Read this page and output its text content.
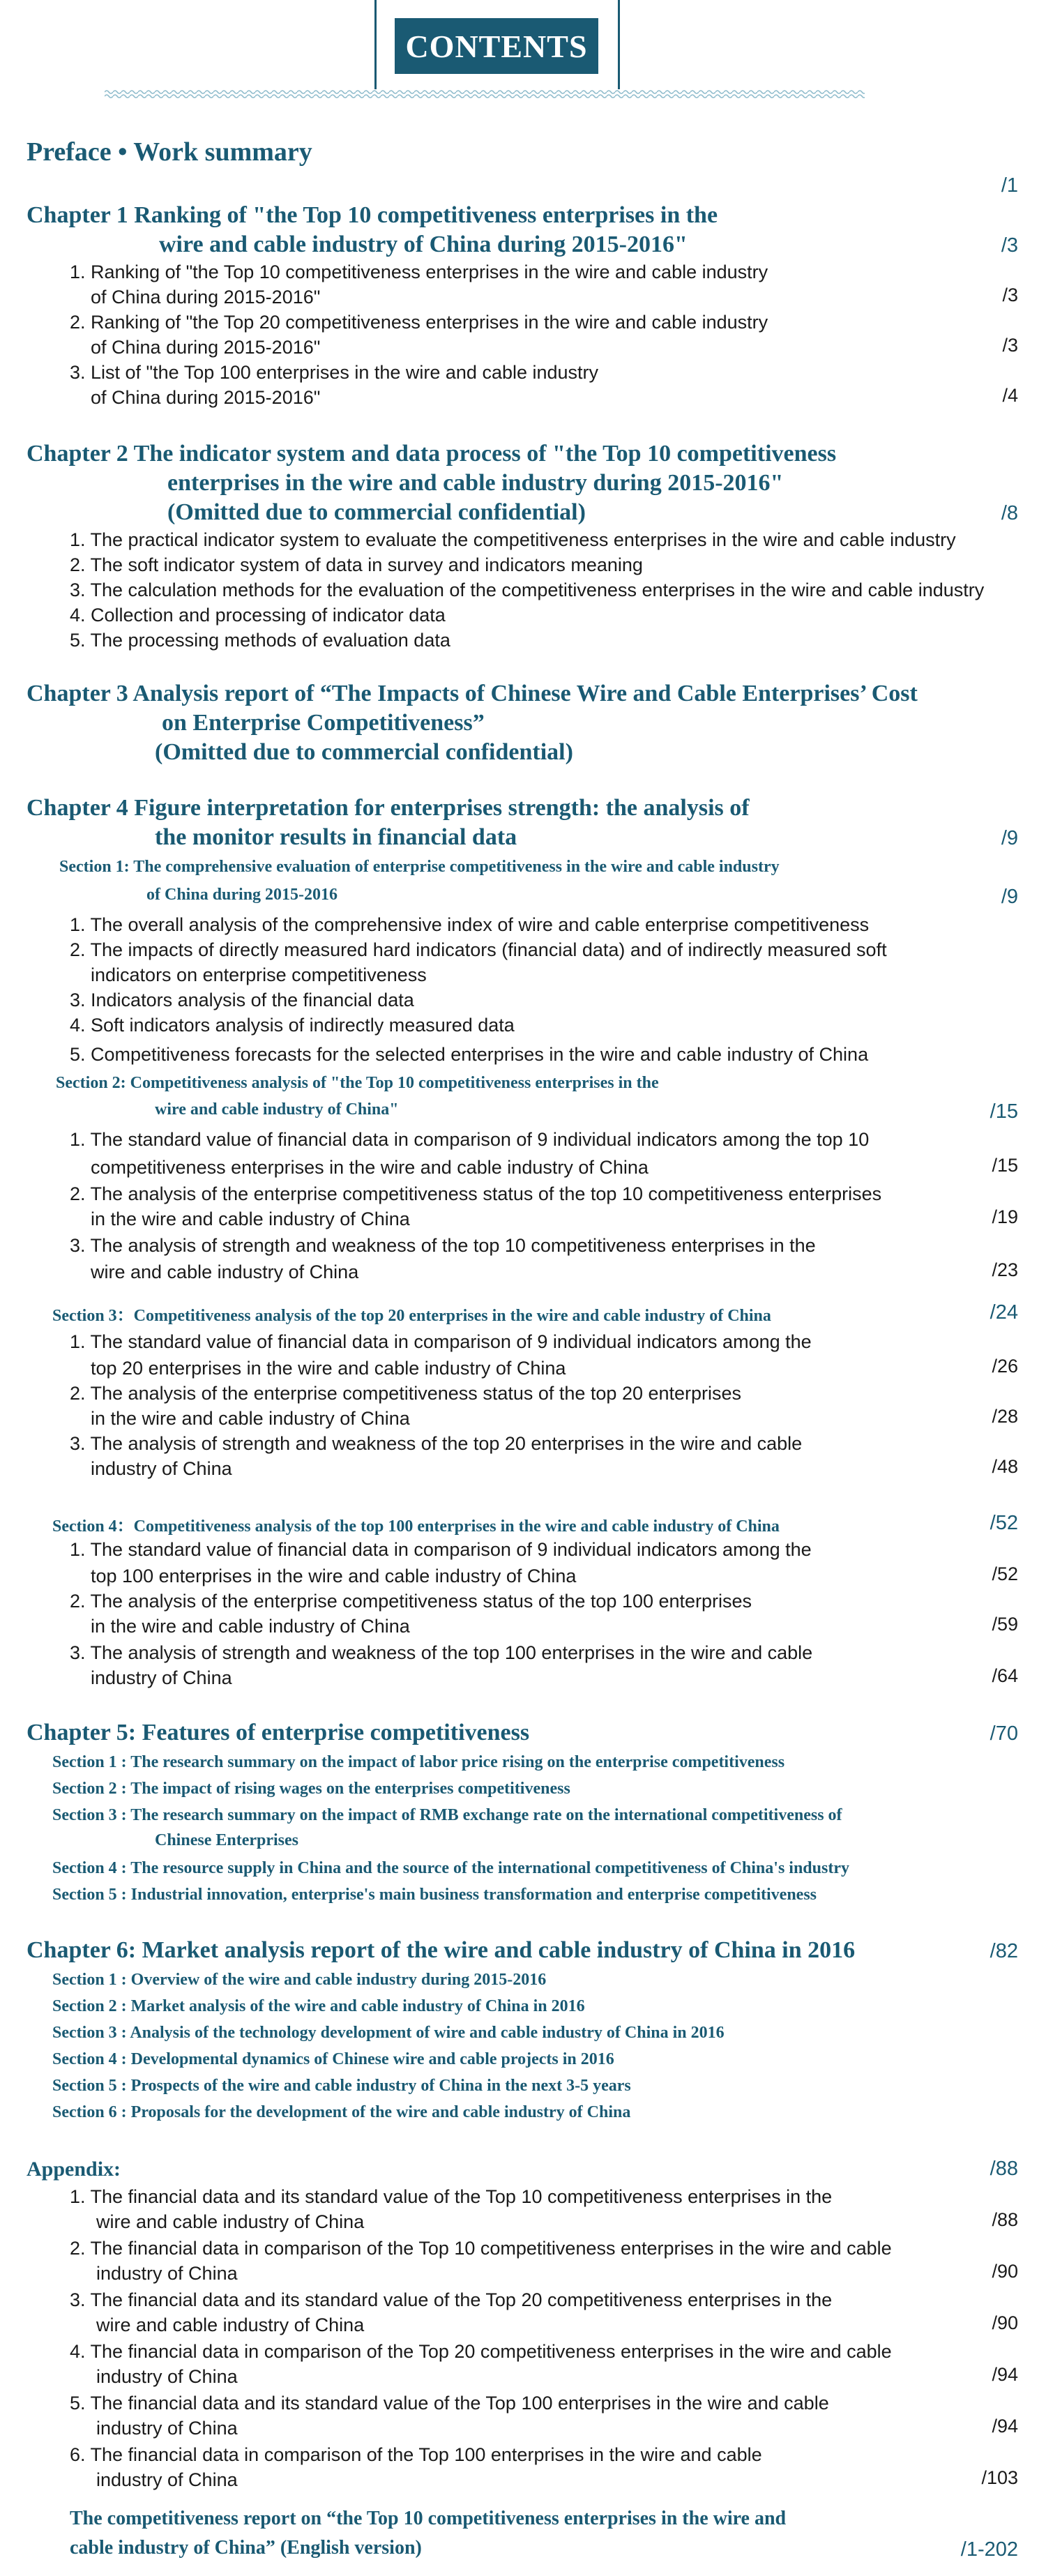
CONTENTS
Preface • Work summary
/1
Chapter 1 Ranking of "the Top 10 competitiveness enterprises in the
wire and cable industry of China during 2015-2016"	/3
1. Ranking of "the Top 10 competitiveness enterprises in the wire and cable industry
of China during 2015-2016"	/3
2. Ranking of "the Top 20 competitiveness enterprises in the wire and cable industry
of China during 2015-2016"	/3
3. List of "the Top 100 enterprises in the wire and cable industry
of China during 2015-2016"	/4
Chapter 2 The indicator system and data process of "the Top 10 competitiveness
enterprises in the wire and cable industry during 2015-2016"
(Omitted due to commercial confidential)	/8
1. The practical indicator system to evaluate the competitiveness enterprises in the wire and cable industry
2. The soft indicator system of data in survey and indicators meaning
3. The calculation methods for the evaluation of the competitiveness enterprises in the wire and cable industry
4. Collection and processing of indicator data
5. The processing methods of evaluation data
Chapter 3 Analysis report of “The Impacts of Chinese Wire and Cable Enterprises’ Cost
on Enterprise Competitiveness”
(Omitted due to commercial confidential)
Chapter 4 Figure interpretation for enterprises strength: the analysis of
the monitor results in financial data	/9
Section 1: The comprehensive evaluation of enterprise competitiveness in the wire and cable industry
of China during 2015-2016	/9
1. The overall analysis of the comprehensive index of wire and cable enterprise competitiveness
2. The impacts of directly measured hard indicators (financial data) and of indirectly measured soft
indicators on enterprise competitiveness
3. Indicators analysis of the financial data
4. Soft indicators analysis of indirectly measured data
5. Competitiveness forecasts for the selected enterprises in the wire and cable industry of China
Section 2: Competitiveness analysis of "the Top 10 competitiveness enterprises in the
wire and cable industry of China"	/15
1. The standard value of financial data in comparison of 9 individual indicators among the top 10
competitiveness enterprises in the wire and cable industry of China	/15
2. The analysis of the enterprise competitiveness status of the top 10 competitiveness enterprises
in the wire and cable industry of China	/19
3. The analysis of strength and weakness of the top 10 competitiveness enterprises in the
wire and cable industry of China	/23
Section 3：Competitiveness analysis of the top 20 enterprises in the wire and cable industry of China	/24
1. The standard value of financial data in comparison of 9 individual indicators among the
top 20 enterprises in the wire and cable industry of China	/26
2. The analysis of the enterprise competitiveness status of the top 20 enterprises
in the wire and cable industry of China	/28
3. The analysis of strength and weakness of the top 20 enterprises in the wire and cable
industry of China	/48
Section 4：Competitiveness analysis of the top 100 enterprises in the wire and cable industry of China	/52
1. The standard value of financial data in comparison of 9 individual indicators among the
top 100 enterprises in the wire and cable industry of China	/52
2. The analysis of the enterprise competitiveness status of the top 100 enterprises
in the wire and cable industry of China	/59
3. The analysis of strength and weakness of the top 100 enterprises in the wire and cable
industry of China	/64
Chapter 5: Features of enterprise competitiveness	/70
Section 1 : The research summary on the impact of labor price rising on the enterprise competitiveness
Section 2 : The impact of rising wages on the enterprises competitiveness
Section 3 : The research summary on the impact of RMB exchange rate on the international competitiveness of
Chinese Enterprises
Section 4 : The resource supply in China and the source of the international competitiveness of China's industry
Section 5 : Industrial innovation, enterprise's main business transformation and enterprise competitiveness
Chapter 6: Market analysis report of the wire and cable industry of China in 2016	/82
Section 1 : Overview of the wire and cable industry during 2015-2016
Section 2 : Market analysis of the wire and cable industry of China in 2016
Section 3 : Analysis of the technology development of wire and cable industry of China in 2016
Section 4 : Developmental dynamics of Chinese wire and cable projects in 2016
Section 5 : Prospects of the wire and cable industry of China in the next 3-5 years
Section 6 : Proposals for the development of the wire and cable industry of China
Appendix:	/88
1. The financial data and its standard value of the Top 10 competitiveness enterprises in the
wire and cable industry of China	/88
2. The financial data in comparison of the Top 10 competitiveness enterprises in the wire and cable
industry of China	/90
3. The financial data and its standard value of the Top 20 competitiveness enterprises in the
wire and cable industry of China	/90
4. The financial data in comparison of the Top 20 competitiveness enterprises in the wire and cable
industry of China	/94
5. The financial data and its standard value of the Top 100 enterprises in the wire and cable
industry of China	/94
6. The financial data in comparison of the Top 100 enterprises in the wire and cable
industry of China	/103
The competitiveness report on “the Top 10 competitiveness enterprises in the wire and
cable industry of China” (English version)	/1-202
